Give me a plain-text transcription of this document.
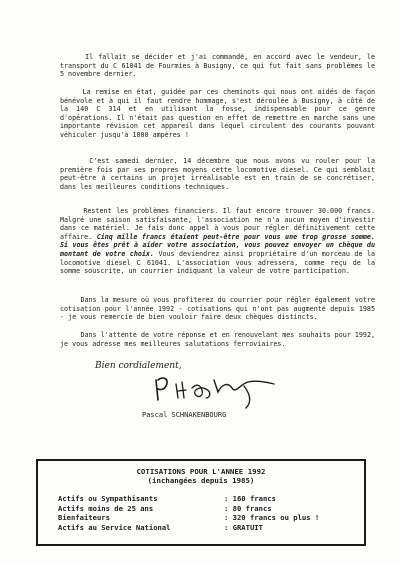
Il fallait se décider et j'ai commandé, en accord avec le vendeur, le transport du C 61041 de Fourmies à Busigny, ce qui fut fait sans problèmes le 5 novembre dernier.

La remise en état, guidée par ces cheminots qui nous ont aidés de façon bénévole et à qui il faut rendre hommage, s'est déroulée à Busigny, à côté de la 140 C 314 et en utilisant la fosse, indispensable pour ce genre d'opérations. Il n'était pas question en effet de remettre en marche sans une importante révision cet appareil dans lequel circulent des courants pouvant véhiculer jusqu'à 1000 ampères !

C'est samedi dernier, 14 décembre que nous avons vu rouler pour la première fois par ses propres moyens cette locomotive diesel. Ce qui semblait peut-être à certains un projet irréalisable est en train de se concrétiser, dans les meilleures conditions techniques.

Restent les problèmes financiers. Il faut encore trouver 30.000 francs. Malgré une saison satisfaisante, l'association ne n'a aucun moyen d'investir dans ce matériel. Je fais donc appel à vous pour régler définitivement cette affaire. Cinq mille francs étaient peut-être pour vous une trop grosse somme. Si vous êtes prêt à aider votre association, vous pouvez envoyer un chèque du montant de votre choix. Vous deviendrez ainsi propriétaire d'un morceau de la locomotive diesel C 61041. L'association vous adressera, comme reçu de la somme souscrite, un courrier indiquant la valeur de votre participation.

Dans la mesure où vous profiterez du courrier pour régler également votre cotisation pour l'année 1992 - cotisations qui n'ont pas augmenté depuis 1985 - je vous remercie de bien vouloir faire deux chèques distincts.

Dans l'attente de votre réponse et en renouvelant mes souhaits pour 1992, je vous adresse mes meilleures salutations ferroviaires.

Bien cordialement,
Pascal SCHNAKENBOURG
COTISATIONS POUR L'ANNEE 1992
(inchangées depuis 1985)
Actifs ou Sympathisants	: 160 francs
Actifs moins de 25 ans	: 80 francs
Bienfaiteurs	: 320 francs ou plus !
Actifs au Service National	: GRATUIT
